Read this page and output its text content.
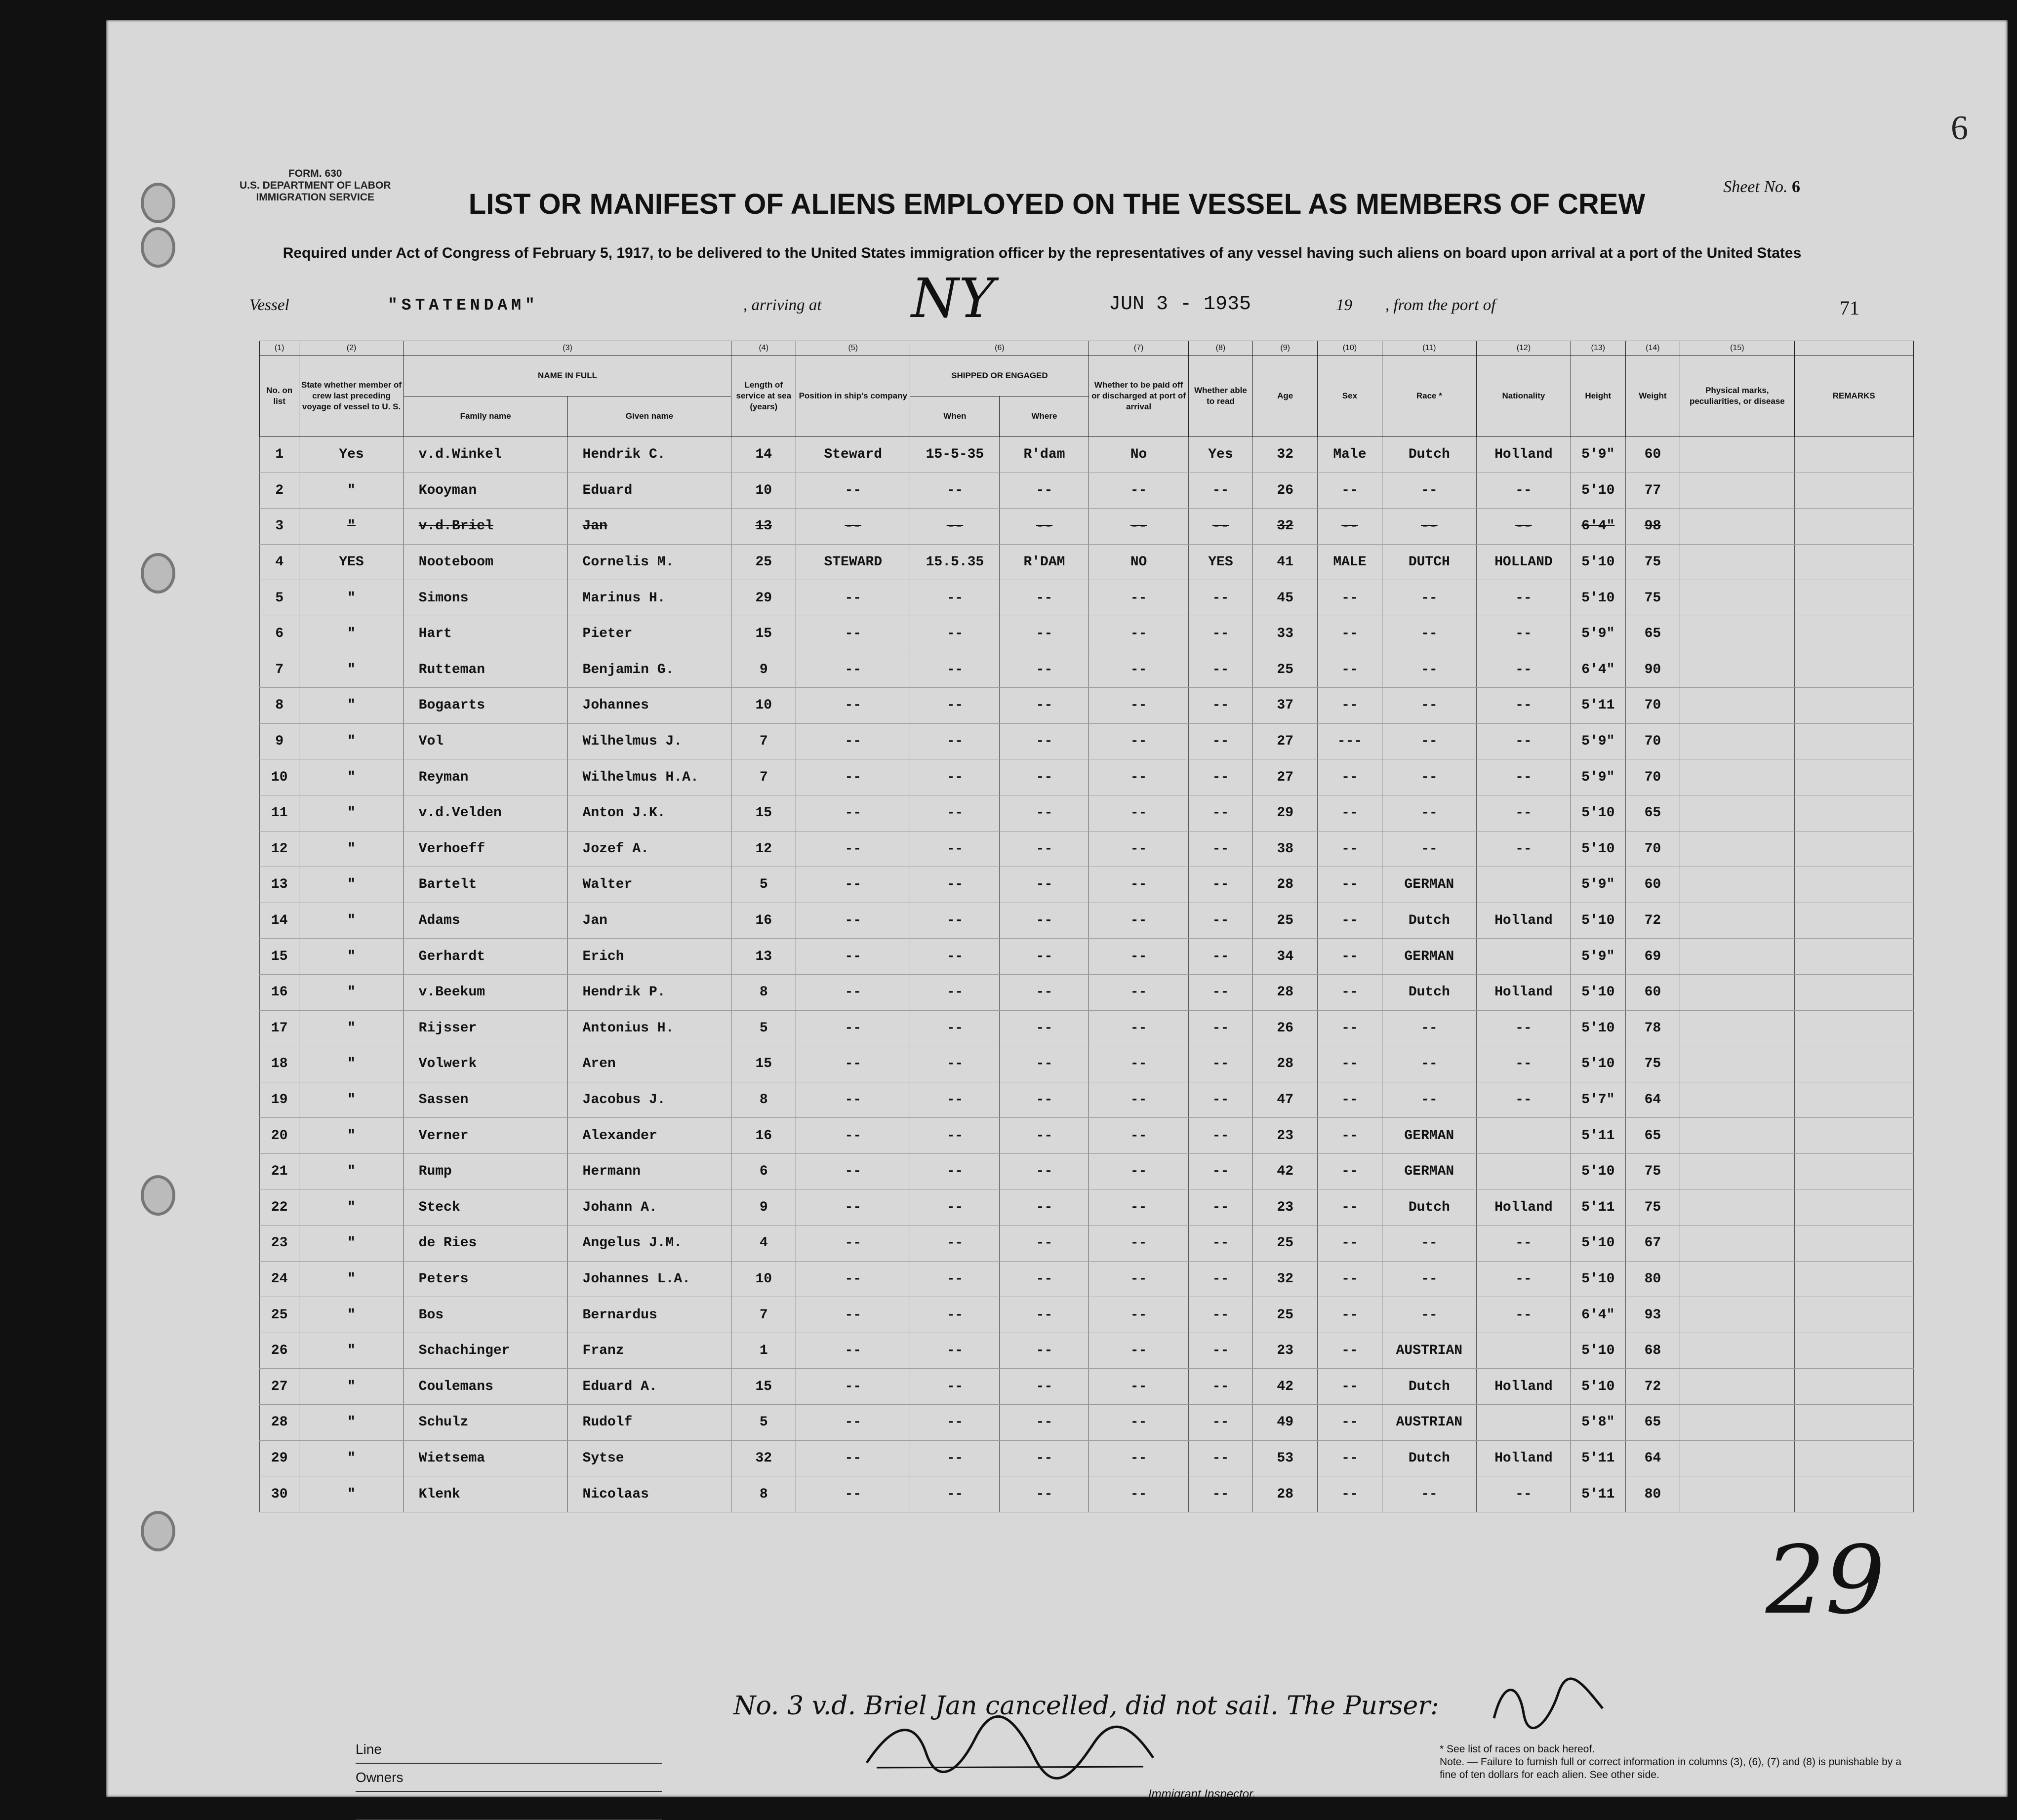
FORM. 630
U.S. DEPARTMENT OF LABOR
IMMIGRATION SERVICE
6
LIST OR MANIFEST OF ALIENS EMPLOYED ON THE VESSEL AS MEMBERS OF CREW
Sheet No. 6
Required under Act of Congress of February 5, 1917, to be delivered to the United States immigration officer by the representatives of any vessel having such aliens on board upon arrival at a port of the United States
Vessel	"STATENDAM"	, arriving at NY	JUN 3 - 1935	19 , from the port of	71
(1)	(2)	(3)		(4)	(5)	(6)		(7)	(8)	(9)	(10)	(11)	(12)	(13)	(14)	(15)	
No. on list	State whether member of crew last preceding voyage of vessel to U. S.	NAME IN FULL		Length of service at sea (years)	Position in ship's company	SHIPPED OR ENGAGED		Whether to be paid off or discharged at port of arrival	Whether able to read	Age	Sex	Race *	Nationality	Height	Weight	Physical marks, peculiarities, or disease	REMARKS
		Family name	Given name			When	Where										
1	Yes	v.d.Winkel	Hendrik C.	14	Steward	15-5-35	R'dam	No	Yes	32	Male	Dutch	Holland	5'9"	60		
2	"	Kooyman	Eduard	10	--	--	--	--	--	26	--	--	--	5'10	77		
3	"	v.d.Briel	Jan	13	--	--	--	--	--	32	--	--	--	6'4"	98		
4	YES	Nooteboom	Cornelis M.	25	STEWARD	15.5.35	R'DAM	NO	YES	41	MALE	DUTCH	HOLLAND	5'10	75		
5	"	Simons	Marinus H.	29	--	--	--	--	--	45	--	--	--	5'10	75		
6	"	Hart	Pieter	15	--	--	--	--	--	33	--	--	--	5'9"	65		
7	"	Rutteman	Benjamin G.	9	--	--	--	--	--	25	--	--	--	6'4"	90		
8	"	Bogaarts	Johannes	10	--	--	--	--	--	37	--	--	--	5'11	70		
9	"	Vol	Wilhelmus J.	7	--	--	--	--	--	27	---	--	--	5'9"	70		
10	"	Reyman	Wilhelmus H.A.	7	--	--	--	--	--	27	--	--	--	5'9"	70		
11	"	v.d.Velden	Anton J.K.	15	--	--	--	--	--	29	--	--	--	5'10	65		
12	"	Verhoeff	Jozef A.	12	--	--	--	--	--	38	--	--	--	5'10	70		
13	"	Bartelt	Walter	5	--	--	--	--	--	28	--	GERMAN		5'9"	60		
14	"	Adams	Jan	16	--	--	--	--	--	25	--	Dutch	Holland	5'10	72		
15	"	Gerhardt	Erich	13	--	--	--	--	--	34	--	GERMAN		5'9"	69		
16	"	v.Beekum	Hendrik P.	8	--	--	--	--	--	28	--	Dutch	Holland	5'10	60		
17	"	Rijsser	Antonius H.	5	--	--	--	--	--	26	--	--	--	5'10	78		
18	"	Volwerk	Aren	15	--	--	--	--	--	28	--	--	--	5'10	75		
19	"	Sassen	Jacobus J.	8	--	--	--	--	--	47	--	--	--	5'7"	64		
20	"	Verner	Alexander	16	--	--	--	--	--	23	--	GERMAN		5'11	65		
21	"	Rump	Hermann	6	--	--	--	--	--	42	--	GERMAN		5'10	75		
22	"	Steck	Johann A.	9	--	--	--	--	--	23	--	Dutch	Holland	5'11	75		
23	"	de Ries	Angelus J.M.	4	--	--	--	--	--	25	--	--	--	5'10	67		
24	"	Peters	Johannes L.A.	10	--	--	--	--	--	32	--	--	--	5'10	80		
25	"	Bos	Bernardus	7	--	--	--	--	--	25	--	--	--	6'4"	93		
26	"	Schachinger	Franz	1	--	--	--	--	--	23	--	AUSTRIAN		5'10	68		
27	"	Coulemans	Eduard A.	15	--	--	--	--	--	42	--	Dutch	Holland	5'10	72		
28	"	Schulz	Rudolf	5	--	--	--	--	--	49	--	AUSTRIAN		5'8"	65		
29	"	Wietsema	Sytse	32	--	--	--	--	--	53	--	Dutch	Holland	5'11	64		
30	"	Klenk	Nicolaas	8	--	--	--	--	--	28	--	--	--	5'11	80		
No. 3 v.d. Briel Jan cancelled, did not sail. The Purser:
29
Line
Owners
Local Agents
Immigrant Inspector.
* See list of races on back hereof.
Note. — Failure to furnish full or correct information in columns (3), (6), (7) and (8) is punishable by a fine of ten dollars for each alien. See other side.
